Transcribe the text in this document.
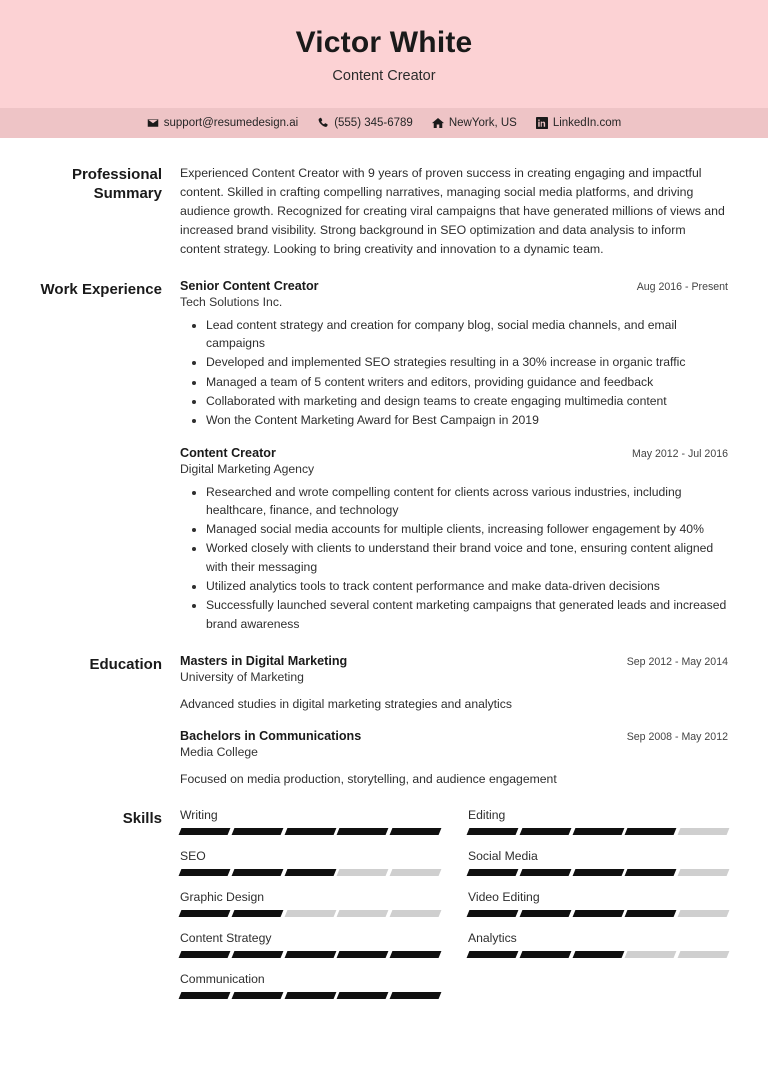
Victor White
Content Creator
support@resumedesign.ai	(555) 345-6789	NewYork, US	LinkedIn.com
Professional Summary
Experienced Content Creator with 9 years of proven success in creating engaging and impactful content. Skilled in crafting compelling narratives, managing social media platforms, and driving audience growth. Recognized for creating viral campaigns that have generated millions of views and increased brand visibility. Strong background in SEO optimization and data analysis to inform content strategy. Looking to bring creativity and innovation to a dynamic team.
Work Experience	Senior Content Creator	Aug 2016 - Present
Tech Solutions Inc.
• Lead content strategy and creation for company blog, social media channels, and email campaigns
• Developed and implemented SEO strategies resulting in a 30% increase in organic traffic
• Managed a team of 5 content writers and editors, providing guidance and feedback
• Collaborated with marketing and design teams to create engaging multimedia content
• Won the Content Marketing Award for Best Campaign in 2019
Content Creator	May 2012 - Jul 2016
Digital Marketing Agency
• Researched and wrote compelling content for clients across various industries, including healthcare, finance, and technology
• Managed social media accounts for multiple clients, increasing follower engagement by 40%
• Worked closely with clients to understand their brand voice and tone, ensuring content aligned with their messaging
• Utilized analytics tools to track content performance and make data-driven decisions
• Successfully launched several content marketing campaigns that generated leads and increased brand awareness
Education	Masters in Digital Marketing	Sep 2012 - May 2014
University of Marketing
Advanced studies in digital marketing strategies and analytics
Bachelors in Communications	Sep 2008 - May 2012
Media College
Focused on media production, storytelling, and audience engagement
Skills	Writing	Editing
SEO	Social Media
Graphic Design	Video Editing
Content Strategy	Analytics
Communication
